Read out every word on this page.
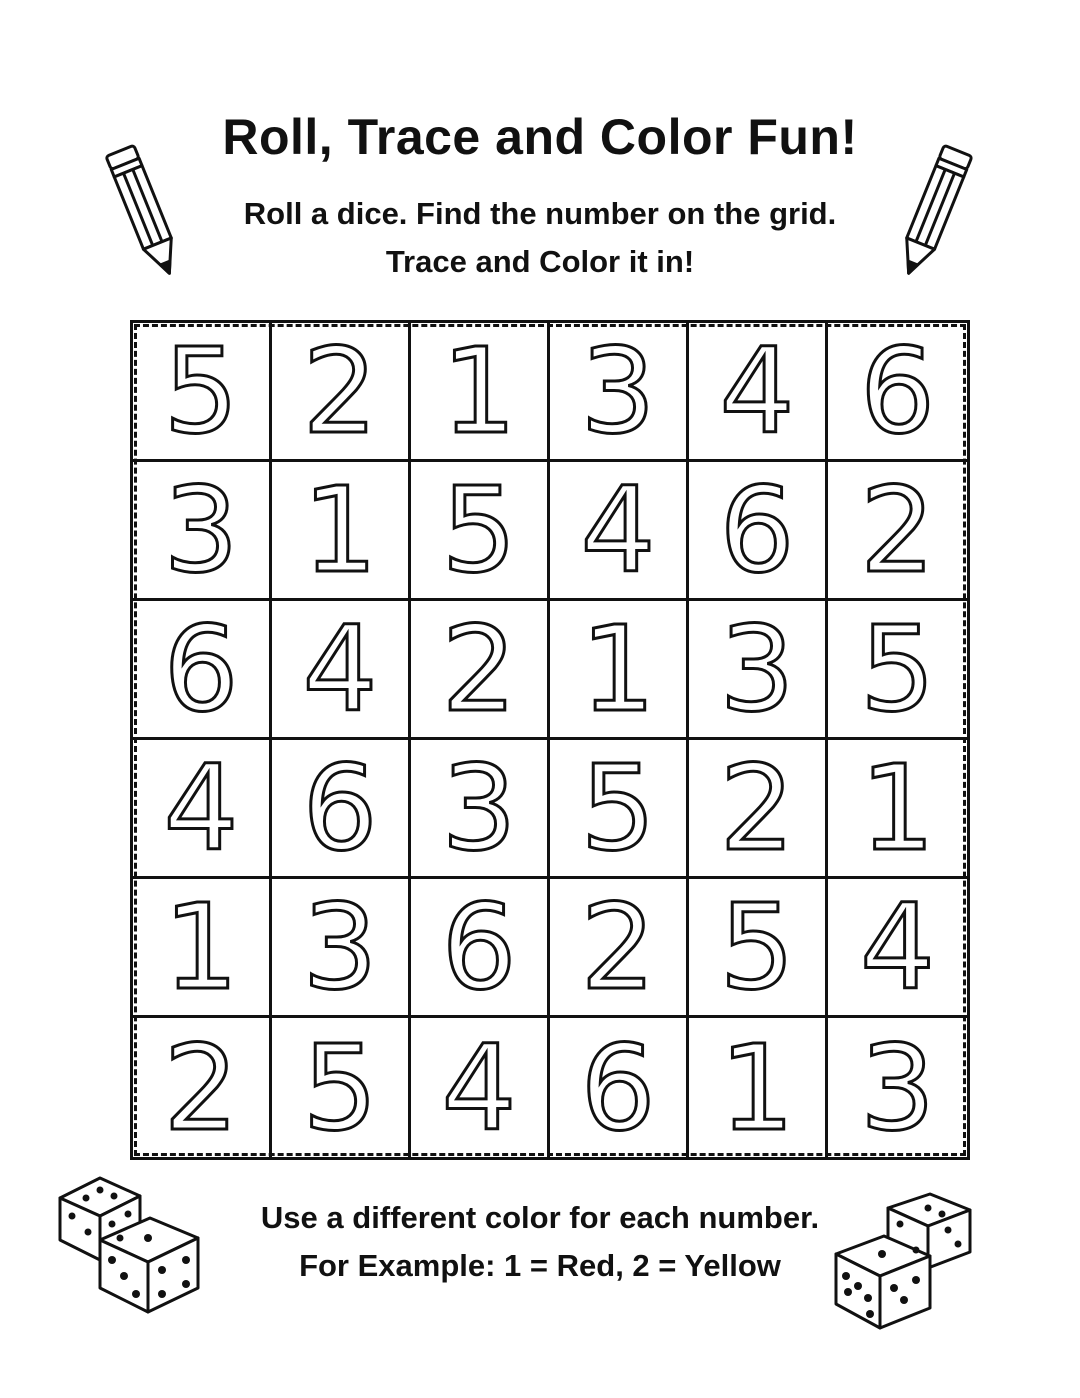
Roll, Trace and Color Fun!
Roll a dice. Find the number on the grid.
Trace and Color it in!
5 2 1 3 4 6
3 1 5 4 6 2
6 4 2 1 3 5
4 6 3 5 2 1
1 3 6 2 5 4
2 5 4 6 1 3
Use a different color for each number.
For Example: 1 = Red, 2 = Yellow
